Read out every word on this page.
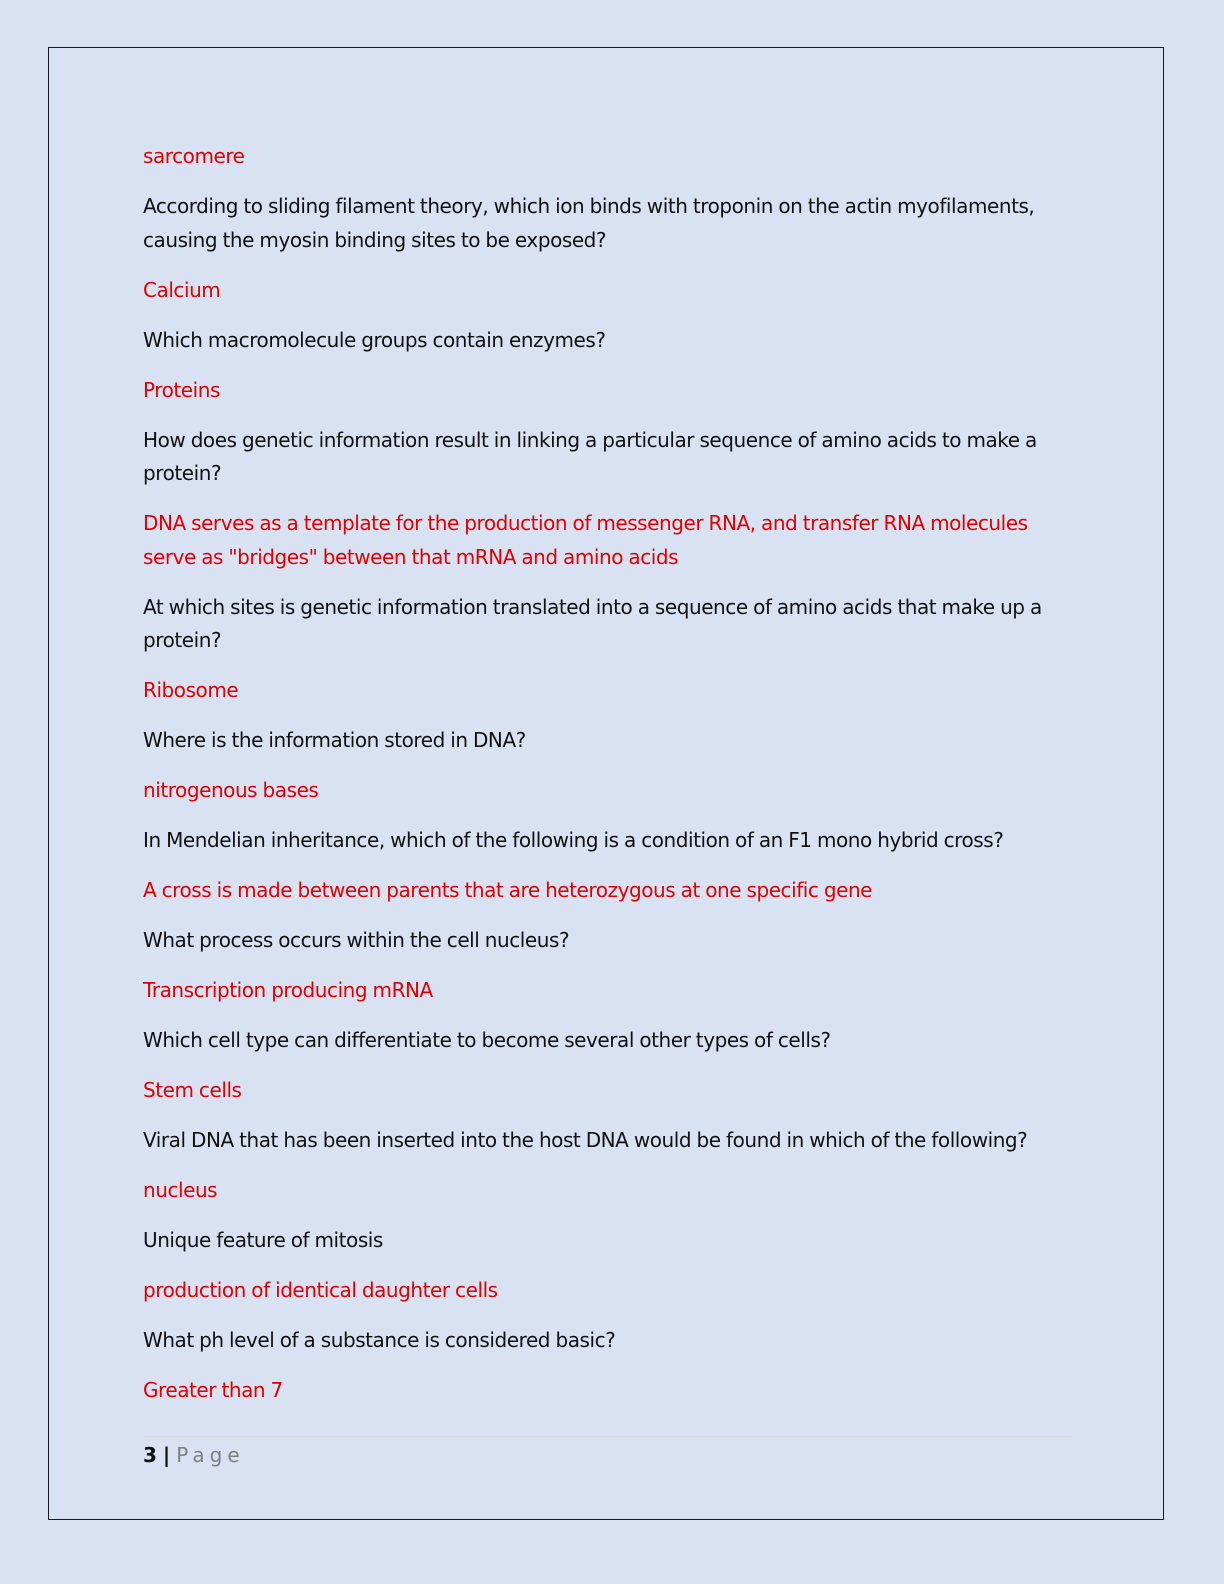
sarcomere

According to sliding filament theory, which ion binds with troponin on the actin myofilaments, causing the myosin binding sites to be exposed?

Calcium

Which macromolecule groups contain enzymes?

Proteins

How does genetic information result in linking a particular sequence of amino acids to make a protein?

DNA serves as a template for the production of messenger RNA, and transfer RNA molecules serve as "bridges" between that mRNA and amino acids

At which sites is genetic information translated into a sequence of amino acids that make up a protein?

Ribosome

Where is the information stored in DNA?

nitrogenous bases

In Mendelian inheritance, which of the following is a condition of an F1 mono hybrid cross?

A cross is made between parents that are heterozygous at one specific gene

What process occurs within the cell nucleus?

Transcription producing mRNA

Which cell type can differentiate to become several other types of cells?

Stem cells

Viral DNA that has been inserted into the host DNA would be found in which of the following?

nucleus

Unique feature of mitosis

production of identical daughter cells

What ph level of a substance is considered basic?

Greater than 7

3 | Page
